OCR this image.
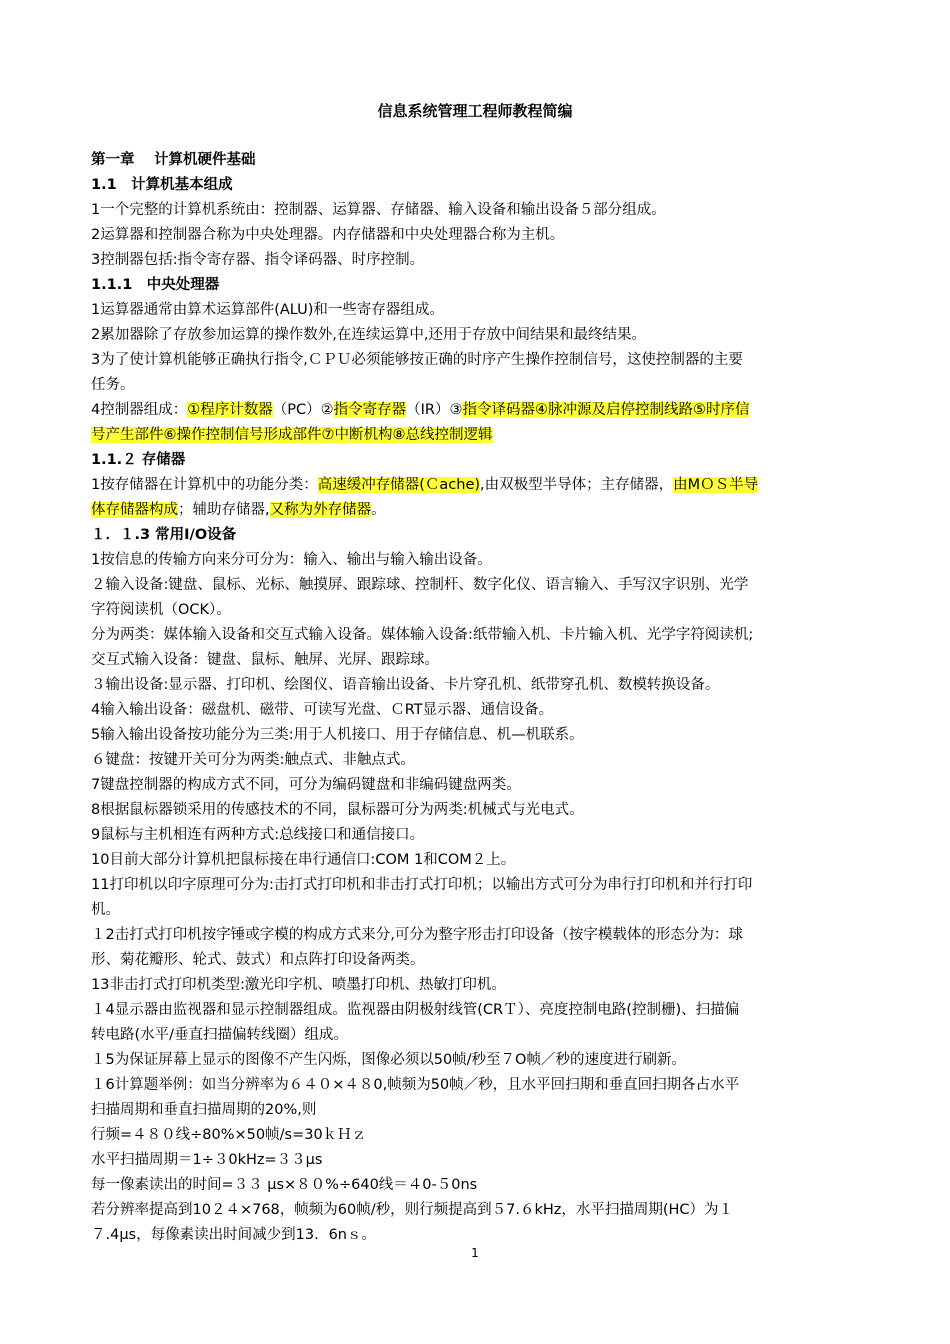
信息系统管理工程师教程简编
第一章　 计算机硬件基础
1.1　计算机基本组成
1一个完整的计算机系统由：控制器、运算器、存储器、输入设备和输出设备５部分组成。
2运算器和控制器合称为中央处理器。内存储器和中央处理器合称为主机。
3控制器包括:指令寄存器、指令译码器、时序控制。
1.1.1　中央处理器
1运算器通常由算术运算部件(ALU)和一些寄存器组成。
2累加器除了存放参加运算的操作数外,在连续运算中,还用于存放中间结果和最终结果。
3为了使计算机能够正确执行指令,ＣＰＵ必须能够按正确的时序产生操作控制信号，这使控制器的主要
任务。
4控制器组成：①程序计数器（PC）②指令寄存器（IR）③指令译码器④脉冲源及启停控制线路⑤时序信
号产生部件⑥操作控制信号形成部件⑦中断机构⑧总线控制逻辑
1.1.２ 存储器
1按存储器在计算机中的功能分类：高速缓冲存储器(Ｃache),由双极型半导体；主存储器，由MＯＳ半导
体存储器构成；辅助存储器,又称为外存储器。
１．１.3 常用I/O设备
1按信息的传输方向来分可分为：输入、输出与输入输出设备。
２输入设备:键盘、鼠标、光标、触摸屏、跟踪球、控制杆、数字化仪、语言输入、手写汉字识别、光学
字符阅读机（OCK）。
分为两类：媒体输入设备和交互式输入设备。媒体输入设备:纸带输入机、卡片输入机、光学字符阅读机;
交互式输入设备：键盘、鼠标、触屏、光屏、跟踪球。
３输出设备:显示器、打印机、绘图仪、语音输出设备、卡片穿孔机、纸带穿孔机、数模转换设备。
4输入输出设备：磁盘机、磁带、可读写光盘、ＣRT显示器、通信设备。
5输入输出设备按功能分为三类:用于人机接口、用于存储信息、机—机联系。
６键盘：按键开关可分为两类:触点式、非触点式。
7键盘控制器的构成方式不同，可分为编码键盘和非编码键盘两类。
8根据鼠标器锁采用的传感技术的不同，鼠标器可分为两类:机械式与光电式。
9鼠标与主机相连有两种方式:总线接口和通信接口。
10目前大部分计算机把鼠标接在串行通信口:COM 1和COM２上。
11打印机以印字原理可分为:击打式打印机和非击打式打印机；以输出方式可分为串行打印机和并行打印
机。
１2击打式打印机按字锤或字模的构成方式来分,可分为整字形击打印设备（按字模载体的形态分为：球
形、菊花瓣形、轮式、鼓式）和点阵打印设备两类。
13非击打式打印机类型:激光印字机、喷墨打印机、热敏打印机。
１4显示器由监视器和显示控制器组成。监视器由阴极射线管(CRＴ）、亮度控制电路(控制栅)、扫描偏
转电路(水平/垂直扫描偏转线圈）组成。
１5为保证屏幕上显示的图像不产生闪烁，图像必须以50帧/秒至７O帧／秒的速度进行刷新。
１6计算题举例：如当分辨率为６４０×４８0,帧频为50帧／秒，且水平回扫期和垂直回扫期各占水平
扫描周期和垂直扫描周期的20%,则
行频=４８０线÷80%×50帧/s=30ｋＨｚ
水平扫描周期＝1÷３0kHz=３３μs
每一像素读出的时间=３３ μs×８０%÷640线＝４0-５0ns
若分辨率提高到10２４×768，帧频为60帧/秒，则行频提高到５7.６kHz，水平扫描周期(HC）为１
７.4μs，每像素读出时间减少到13．6nｓ。
1
